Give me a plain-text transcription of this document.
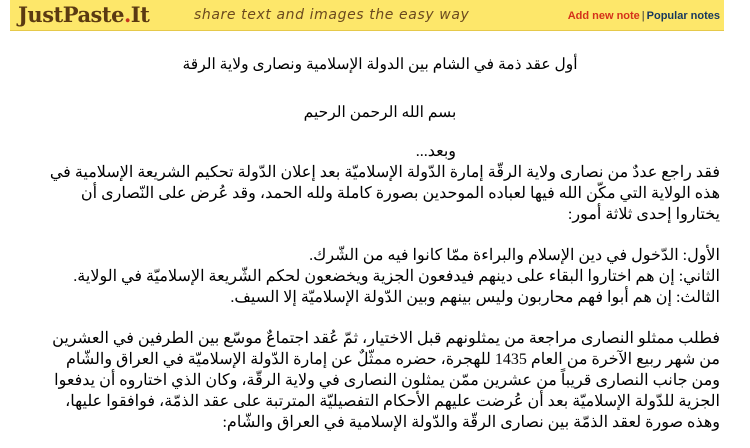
JustPaste.It	share text and images the easy way	Add new note | Popular notes

أول عقد ذمة في الشام بين الدولة الإسلامية ونصارى ولاية الرقة

بسم الله الرحمن الرحيم

وبعد...

فقد راجع عددٌ من نصارى ولاية الرقّة إمارة الدّولة الإسلاميّة بعد إعلان الدّولة تحكيم الشريعة الإسلامية في هذه الولاية التي مكّن الله فيها لعباده الموحدين بصورة كاملة ولله الحمد، وقد عُرض على النّصارى أن يختاروا إحدى ثلاثة أمور:

الأول: الدّخول في دين الإسلام والبراءة ممّا كانوا فيه من الشّرك.

الثاني: إن هم اختاروا البقاء على دينهم فيدفعون الجزية ويخضعون لحكم الشّريعة الإسلاميّة في الولاية.

الثالث: إن هم أبوا فهم محاربون وليس بينهم وبين الدّولة الإسلاميّة إلا السيف.

فطلب ممثلو النصارى مراجعة من يمثلونهم قبل الاختيار، ثمّ عُقد اجتماعٌ موسّع بين الطرفين في العشرين من شهر ربيع الآخرة من العام 1435 للهجرة، حضره ممثّلٌ عن إمارة الدّولة الإسلاميّة في العراق والشّام ومن جانب النصارى قريباً من عشرين ممّن يمثلون النصارى في ولاية الرقّة، وكان الذي اختاروه أن يدفعوا الجزية للدّولة الإسلاميّة بعد أن عُرضت عليهم الأحكام التفصيليّة المترتبة على عقد الذمّة، فوافقوا عليها، وهذه صورة لعقد الذمّة بين نصارى الرقّة والدّولة الإسلامية في العراق والشّام:
